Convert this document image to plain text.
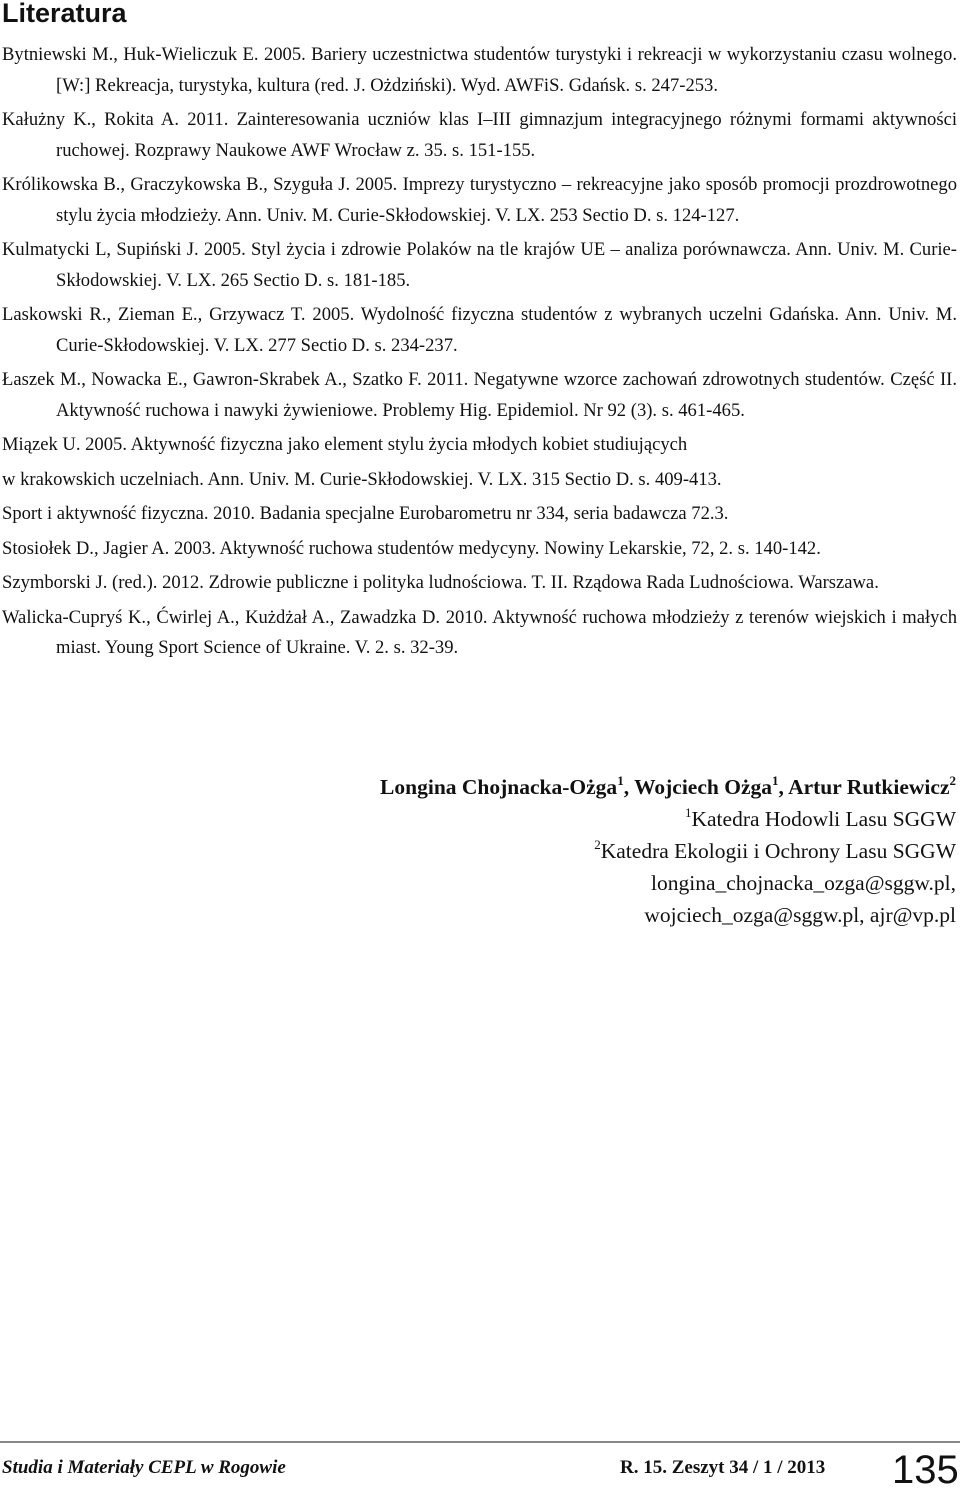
Literatura

Bytniewski M., Huk-Wieliczuk E. 2005. Bariery uczestnictwa studentów turystyki i rekreacji w wykorzystaniu czasu wolnego. [W:] Rekreacja, turystyka, kultura (red. J. Ożdziński). Wyd. AWFiS. Gdańsk. s. 247-253.

Kałużny K., Rokita A. 2011. Zainteresowania uczniów klas I–III gimnazjum integracyjnego różnymi formami aktywności ruchowej. Rozprawy Naukowe AWF Wrocław z. 35. s. 151-155.

Królikowska B., Graczykowska B., Szyguła J. 2005. Imprezy turystyczno – rekreacyjne jako sposób promocji prozdrowotnego stylu życia młodzieży. Ann. Univ. M. Curie-Skłodowskiej. V. LX. 253 Sectio D. s. 124-127.

Kulmatycki L, Supiński J. 2005. Styl życia i zdrowie Polaków na tle krajów UE – analiza porównawcza. Ann. Univ. M. Curie-Skłodowskiej. V. LX. 265 Sectio D. s. 181-185.

Laskowski R., Zieman E., Grzywacz T. 2005. Wydolność fizyczna studentów z wybranych uczelni Gdańska. Ann. Univ. M. Curie-Skłodowskiej. V. LX. 277 Sectio D. s. 234-237.

Łaszek M., Nowacka E., Gawron-Skrabek A., Szatko F. 2011. Negatywne wzorce zachowań zdrowotnych studentów. Część II. Aktywność ruchowa i nawyki żywieniowe. Problemy Hig. Epidemiol. Nr 92 (3). s. 461-465.

Miązek U. 2005. Aktywność fizyczna jako element stylu życia młodych kobiet studiujących

w krakowskich uczelniach. Ann. Univ. M. Curie-Skłodowskiej. V. LX. 315 Sectio D. s. 409-413.

Sport i aktywność fizyczna. 2010. Badania specjalne Eurobarometru nr 334, seria badawcza 72.3.

Stosiołek D., Jagier A. 2003. Aktywność ruchowa studentów medycyny. Nowiny Lekarskie, 72, 2. s. 140-142.

Szymborski J. (red.). 2012. Zdrowie publiczne i polityka ludnościowa. T. II. Rządowa Rada Ludnościowa. Warszawa.

Walicka-Cupryś K., Ćwirlej A., Kużdżał A., Zawadzka D. 2010. Aktywność ruchowa młodzieży z terenów wiejskich i małych miast. Young Sport Science of Ukraine. V. 2. s. 32-39.

Longina Chojnacka-Ożga$^1$, Wojciech Ożga$^1$, Artur Rutkiewicz$^2$
$^1$Katedra Hodowli Lasu SGGW
$^2$Katedra Ekologii i Ochrony Lasu SGGW
longina_chojnacka_ozga@sggw.pl,
wojciech_ozga@sggw.pl, ajr@vp.pl
Studia i Materiały CEPL w Rogowie	R. 15. Zeszyt 34 / 1 / 2013 135
